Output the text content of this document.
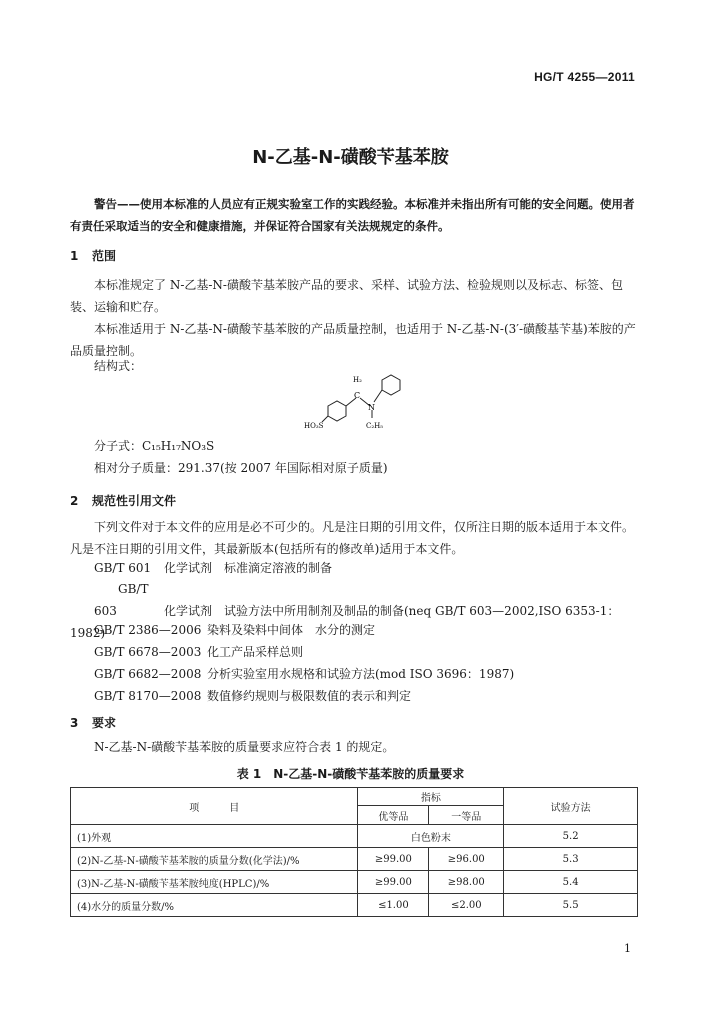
HG/T 4255—2011
N-乙基-N-磺酸苄基苯胺
警告——使用本标准的人员应有正规实验室工作的实践经验。本标准并未指出所有可能的安全问题。使用者有责任采取适当的安全和健康措施，并保证符合国家有关法规规定的条件。
1 范围
本标准规定了 N-乙基-N-磺酸苄基苯胺产品的要求、采样、试验方法、检验规则以及标志、标签、包装、运输和贮存。
本标准适用于 N-乙基-N-磺酸苄基苯胺的产品质量控制，也适用于 N-乙基-N-(3′-磺酸基苄基)苯胺的产品质量控制。
结构式：
H₂
C
N
C₂H₅
HO₃S
分子式：C₁₅H₁₇NO₃S
相对分子质量：291.37(按 2007 年国际相对原子质量)
2 规范性引用文件
下列文件对于本文件的应用是必不可少的。凡是注日期的引用文件，仅所注日期的版本适用于本文件。凡是不注日期的引用文件，其最新版本(包括所有的修改单)适用于本文件。
GB/T 601 化学试剂　标准滴定溶液的制备
GB/T 603	化学试剂　试验方法中所用制剂及制品的制备(neq GB/T 603—2002,ISO 6353-1：1982)
GB/T 2386—2006 染料及染料中间体　水分的测定
GB/T 6678—2003 化工产品采样总则
GB/T 6682—2008 分析实验室用水规格和试验方法(mod ISO 3696：1987)
GB/T 8170—2008 数值修约规则与极限数值的表示和判定
3 要求
N-乙基-N-磺酸苄基苯胺的质量要求应符合表 1 的规定。
表 1　N-乙基-N-磺酸苄基苯胺的质量要求
项　　　目	指标		试验方法
	优等品	一等品	
(1)外观	白色粉末		5.2
(2)N-乙基-N-磺酸苄基苯胺的质量分数(化学法)/%	≥99.00	≥96.00	5.3
(3)N-乙基-N-磺酸苄基苯胺纯度(HPLC)/%	≥99.00	≥98.00	5.4
(4)水分的质量分数/%	≤1.00	≤2.00	5.5
1
